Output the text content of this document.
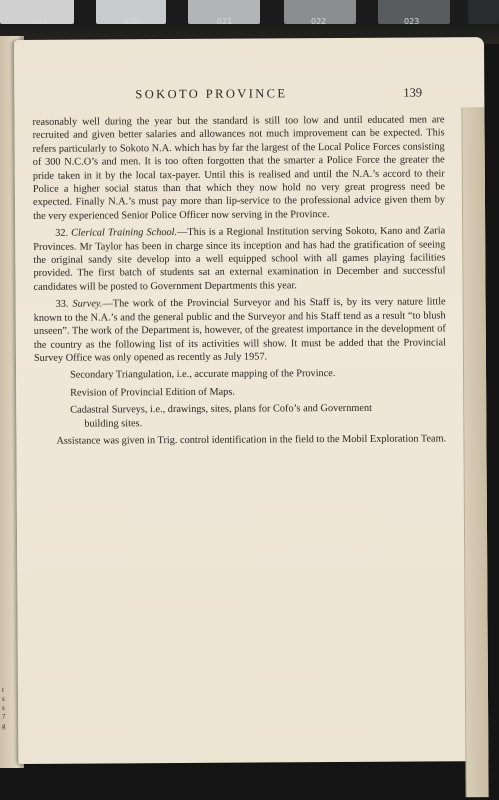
019	020	021	022	023
t
s
s
7
g
SOKOTO PROVINCE	139

reasonably well during the year but the standard is still too low and until educated men are recruited and given better salaries and allowances not much improvement can be expected. This refers particularly to Sokoto N.A. which has by far the largest of the Local Police Forces consisting of 300 N.C.O’s and men. It is too often forgotten that the smarter a Police Force the greater the pride taken in it by the local tax-payer. Until this is realised and until the N.A.’s accord to their Police a higher social status than that which they now hold no very great progress need be expected. Finally N.A.’s must pay more than lip-service to the professional advice given them by the very experienced Senior Police Officer now serving in the Province.

32. Clerical Training School.—This is a Regional Institution serving Sokoto, Kano and Zaria Provinces. Mr Taylor has been in charge since its inception and has had the gratification of seeing the original sandy site develop into a well equipped school with all games playing facilities provided. The first batch of students sat an external examination in December and successful candidates will be posted to Government Departments this year.

33. Survey.—The work of the Provincial Surveyor and his Staff is, by its very nature little known to the N.A.’s and the general public and the Surveyor and his Staff tend as a result “to blush unseen”. The work of the Department is, however, of the greatest importance in the development of the country as the following list of its activities will show. It must be added that the Provincial Survey Office was only opened as recently as July 1957.

Secondary Triangulation, i.e., accurate mapping of the Province.

Revision of Provincial Edition of Maps.

Cadastral Surveys, i.e., drawings, sites, plans for Cofo’s and Government
building sites.

Assistance was given in Trig. control identification in the field to the Mobil Exploration Team.
